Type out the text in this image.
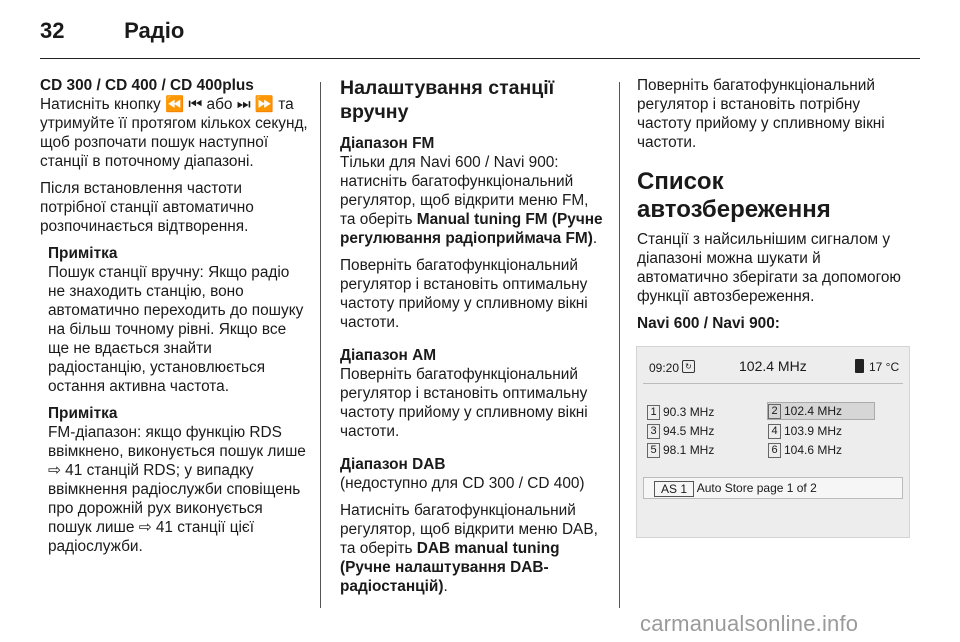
32	Радіо

CD 300 / CD 400 / CD 400plus

Натисніть кнопку ⏪ ⏮ або ⏭ ⏩ та утримуйте її протягом кількох секунд, щоб розпочати пошук наступної станції в поточному діапазоні.

Після встановлення частоти потрібної станції автоматично розпочинається відтворення.

Примітка

Пошук станції вручну: Якщо радіо не знаходить станцію, воно автоматично переходить до пошуку на більш точному рівні. Якщо все ще не вдається знайти радіостанцію, установлюється остання активна частота.

Примітка

FM-діапазон: якщо функцію RDS ввімкнено, виконується пошук лише ⇨ 41 станцій RDS; у випадку ввімкнення радіослужби сповіщень про дорожній рух виконується пошук лише ⇨ 41 станції цієї радіослужби.

Налаштування станції вручну

Діапазон FM

Тільки для Navi 600 / Navi 900: натисніть багатофункціональний регулятор, щоб відкрити меню FM, та оберіть Manual tuning FM (Ручне регулювання радіоприймача FM).

Поверніть багатофункціональний регулятор і встановіть оптимальну частоту прийому у спливному вікні частоти.

Діапазон AM

Поверніть багатофункціональний регулятор і встановіть оптимальну частоту прийому у спливному вікні частоти.

Діапазон DAB

(недоступно для CD 300 / CD 400)

Натисніть багатофункціональний регулятор, щоб відкрити меню DAB, та оберіть DAB manual tuning (Ручне налаштування DAB-радіостанцій).

Поверніть багатофункціональний регулятор і встановіть потрібну частоту прийому у спливному вікні частоти.

Список автозбереження

Станції з найсильнішим сигналом у діапазоні можна шукати й автоматично зберігати за допомогою функції автозбереження.

Navi 600 / Navi 900:

09:20 ↻	102.4 MHz	17 °C
1 90.3 MHz	2 102.4 MHz
3 94.5 MHz	4 103.9 MHz
5 98.1 MHz	6 104.6 MHz
AS 1 Auto Store page 1 of 2
carmanualsonline.info
